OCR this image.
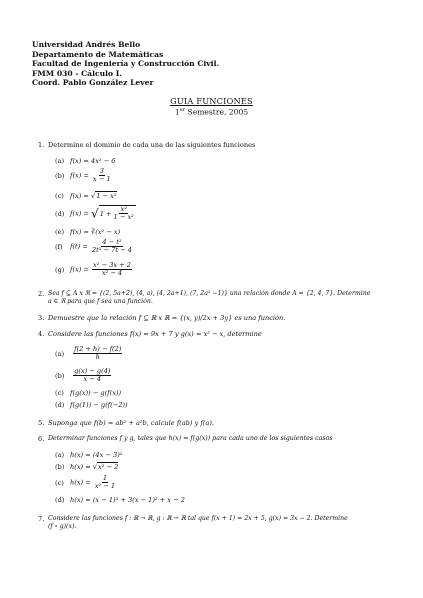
Universidad Andrés Bello
Departamento de Matemáticas
Facultad de Ingeniería y Construcción Civil.
FMM 030 - Cálculo I.
Coord. Pablo González Lever
GUIA FUNCIONES
1er Semestre, 2005
1. Determine el dominio de cada una de las siguientes funciones
(a) f(x) = 4x² − 6
(b) $f(x) = \frac{3}{x - 1}$
(c) f(x) = √1 − x²
(d) f(x) = √ $1 + \frac{\text{x²}}{\text{1 − x²}}$
(e) f(x) = ∛(x² − x)
(f) $f(t) = \frac{\text{4 − t²}}{\text{2t² − 7t − 4}}$
(g) $f(x) = \frac{\text{x² − 3x + 2}}{\text{x² − 4}}$
2. Sea f ⊆ A x ℜ = {(2, 5a+2), (4, a), (4, 2a+1), (7, 2a² −1)} una relación donde A = {2, 4, 7}. Determine
a ∈ ℜ para que f sea una función.
3. Demuestre que la relación f ⊆ ℝ x ℝ = {(x, y)/2x + 3y} es una función.
4. Considere las funciones f(x) = 9x + 7 y g(x) = x² − x, determine
$(a) \frac{f(2 + h) - f(2)}{h}$
$(b) \frac{g(x) - g(4)}{x - 4}$
(c) f(g(x)) − g(f(x))
(d) f(g(1)) − g(f(−2))
5. Suponga que f(b) = ab² + a²b, calcule f(ab) y f(a).
6. Determinar funciones f y g, tales que h(x) = f(g(x)) para cada uno de los siguientes casos
(a) h(x) = (4x − 3)²
(b) h(x) = √x² − 2
(c) $h(x) = \frac{1}{\text{x² − 1}}$
(d) h(x) = (x − 1)³ + 3(x − 1)² + x − 2
7. Considere las funciones f : ℝ → ℝ, g : ℝ → ℝ tal que f(x + 1) = 2x + 5, g(x) = 3x − 2. Determine
(f ∘ g)(x).
